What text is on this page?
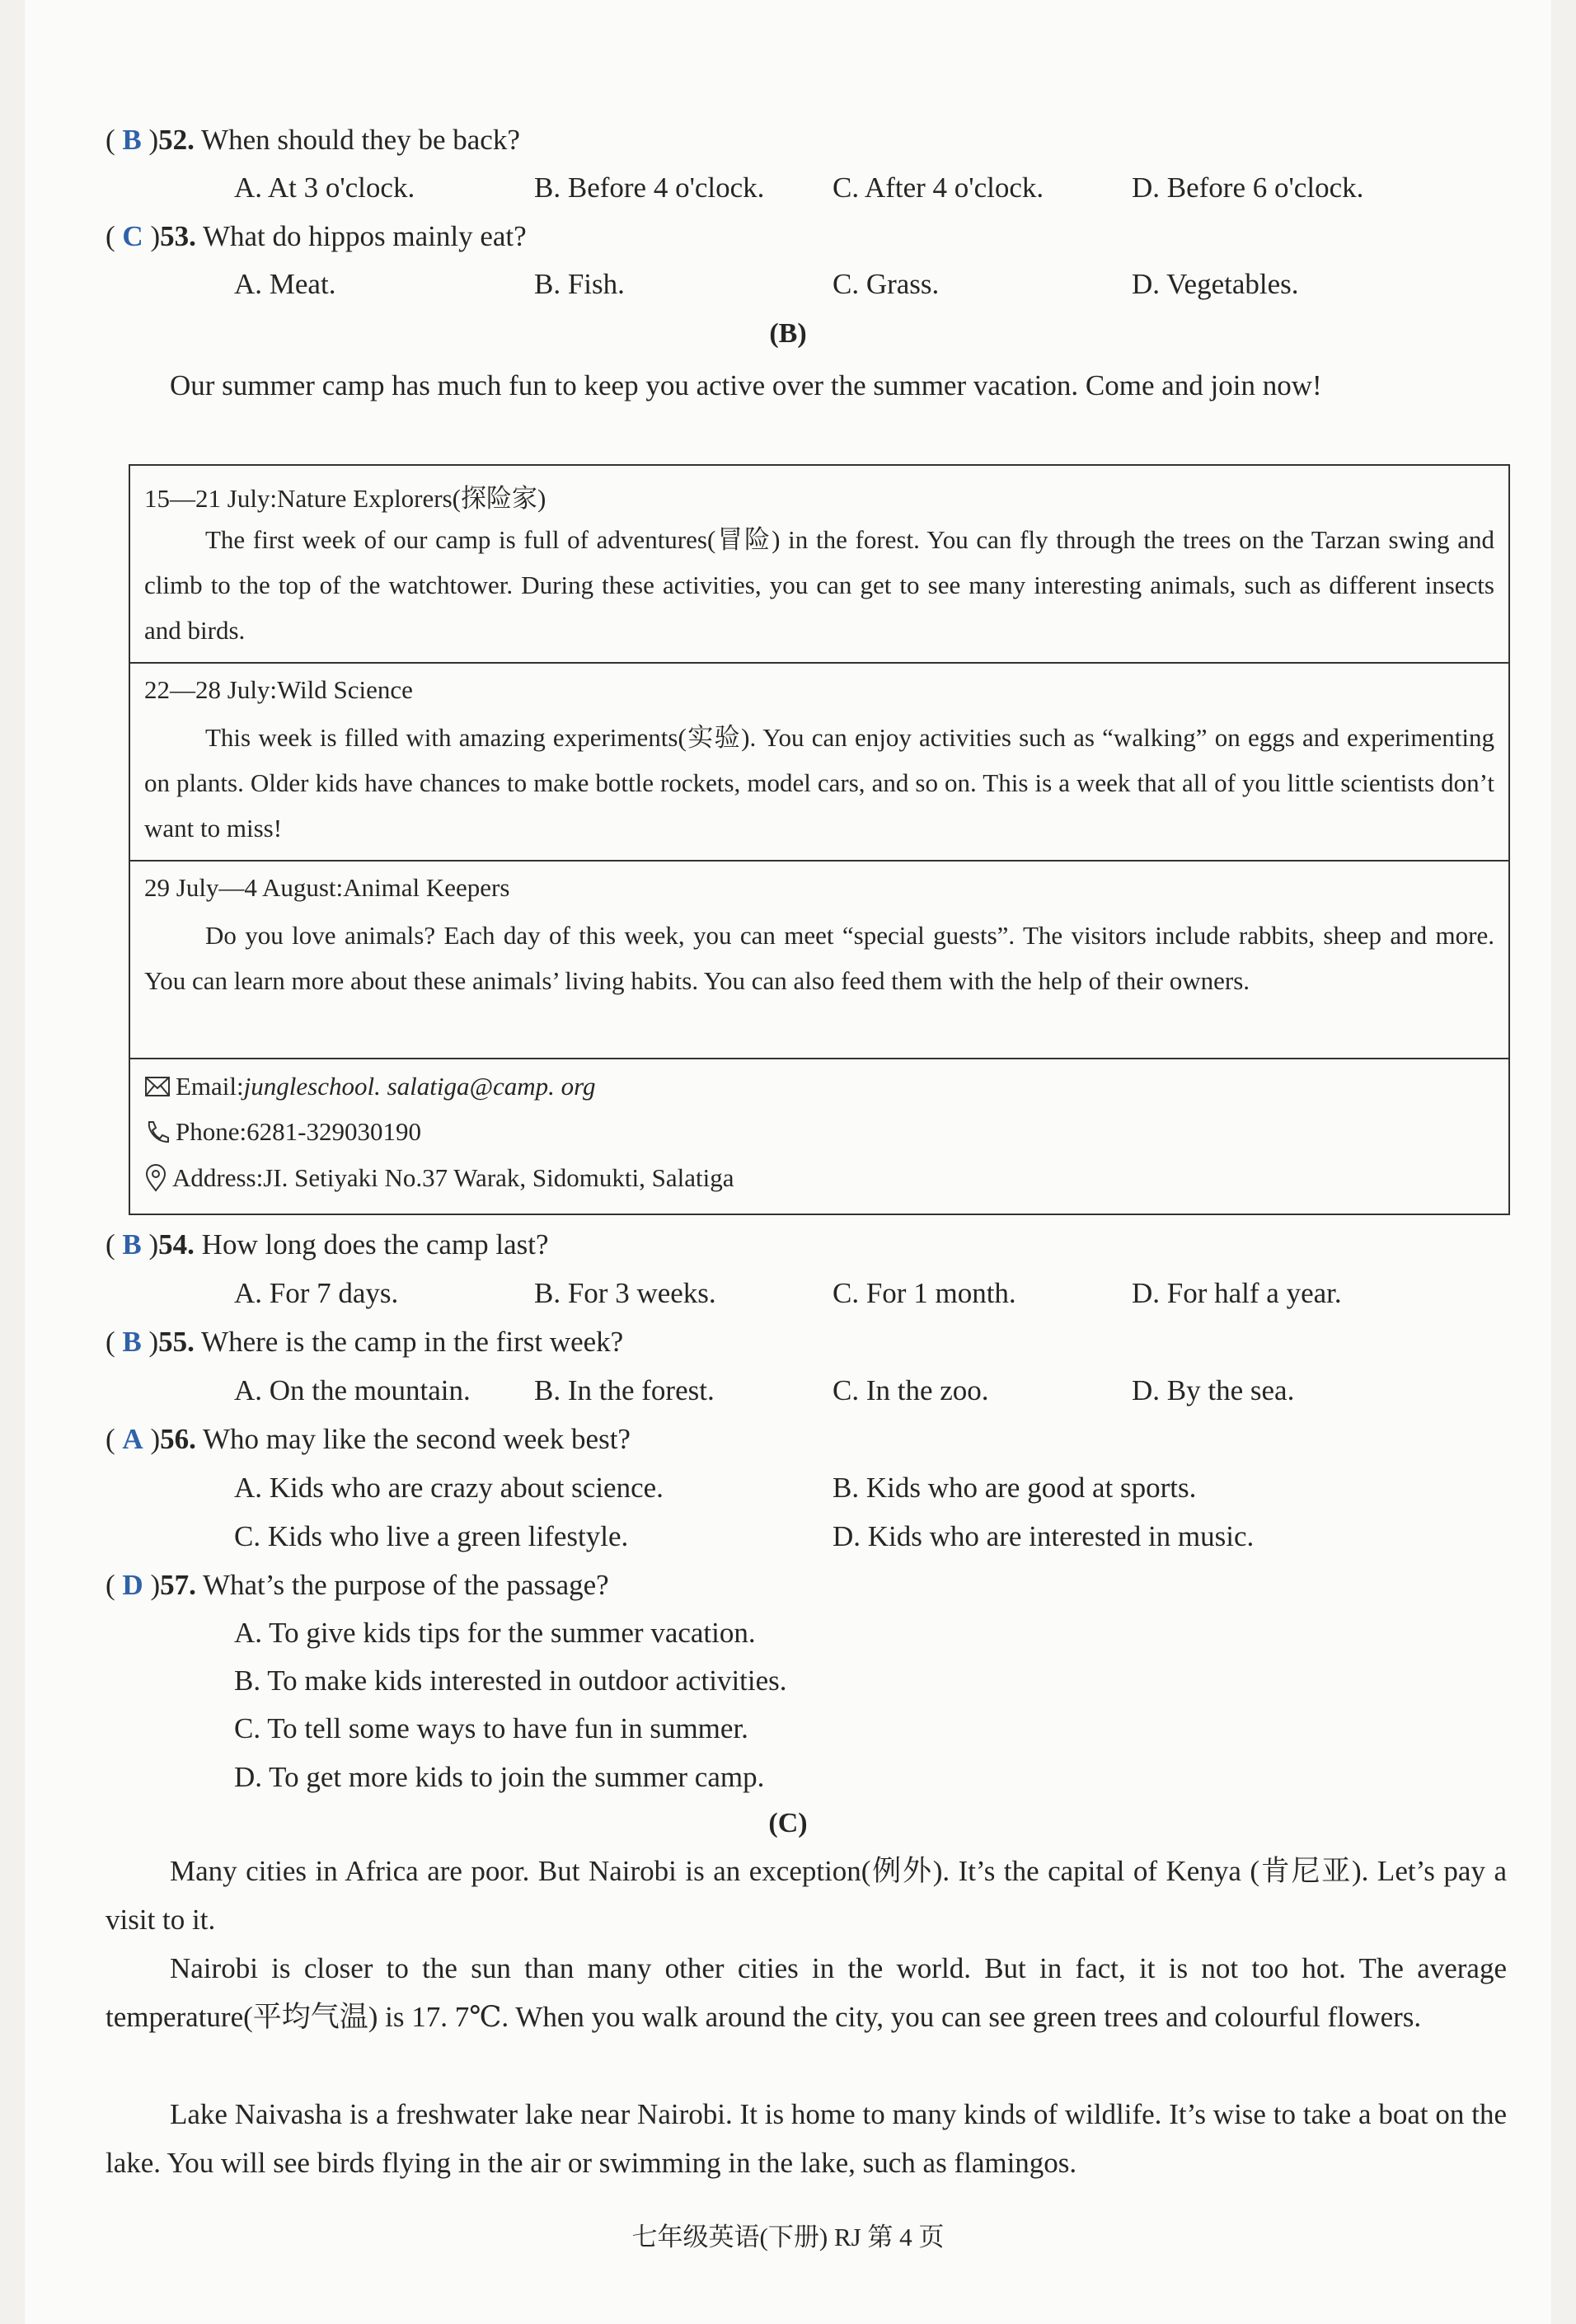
( B )52. When should they be back?
A. At 3 o'clock.	B. Before 4 o'clock. C. After 4 o'clock.	D. Before 6 o'clock.
( C )53. What do hippos mainly eat?
A. Meat.	B. Fish.	C. Grass.	D. Vegetables.
(B)
Our summer camp has much fun to keep you active over the summer vacation. Come and join now!
15—21 July:Nature Explorers(探险家)
The first week of our camp is full of adventures(冒险) in the forest. You can fly through the trees on the Tarzan swing and climb to the top of the watchtower. During these activities, you can get to see many interesting animals, such as different insects and birds.
22—28 July:Wild Science
This week is filled with amazing experiments(实验). You can enjoy activities such as “walking” on eggs and experimenting on plants. Older kids have chances to make bottle rockets, model cars, and so on. This is a week that all of you little scientists don’t want to miss!
29 July—4 August:Animal Keepers
Do you love animals? Each day of this week, you can meet “special guests”. The visitors include rabbits, sheep and more. You can learn more about these animals’ living habits. You can also feed them with the help of their owners.
Email: jungleschool. salatiga@camp. org
Phone: 6281-329030190
Address: JI. Setiyaki No.37 Warak, Sidomukti, Salatiga
( B )54. How long does the camp last?
A. For 7 days.	B. For 3 weeks.	C. For 1 month.	D. For half a year.
( B )55. Where is the camp in the first week?
A. On the mountain. B. In the forest.	C. In the zoo.	D. By the sea.
( A )56. Who may like the second week best?
A. Kids who are crazy about science.	B. Kids who are good at sports.
C. Kids who live a green lifestyle.	D. Kids who are interested in music.
( D )57. What’s the purpose of the passage?
A. To give kids tips for the summer vacation.
B. To make kids interested in outdoor activities.
C. To tell some ways to have fun in summer.
D. To get more kids to join the summer camp.
(C)
Many cities in Africa are poor. But Nairobi is an exception(例外). It’s the capital of Kenya (肯尼亚). Let’s pay a visit to it.
Nairobi is closer to the sun than many other cities in the world. But in fact, it is not too hot. The average temperature(平均气温) is 17. 7℃. When you walk around the city, you can see green trees and colourful flowers.
Lake Naivasha is a freshwater lake near Nairobi. It is home to many kinds of wildlife. It’s wise to take a boat on the lake. You will see birds flying in the air or swimming in the lake, such as flamingos.
七年级英语(下册) RJ 第 4 页
